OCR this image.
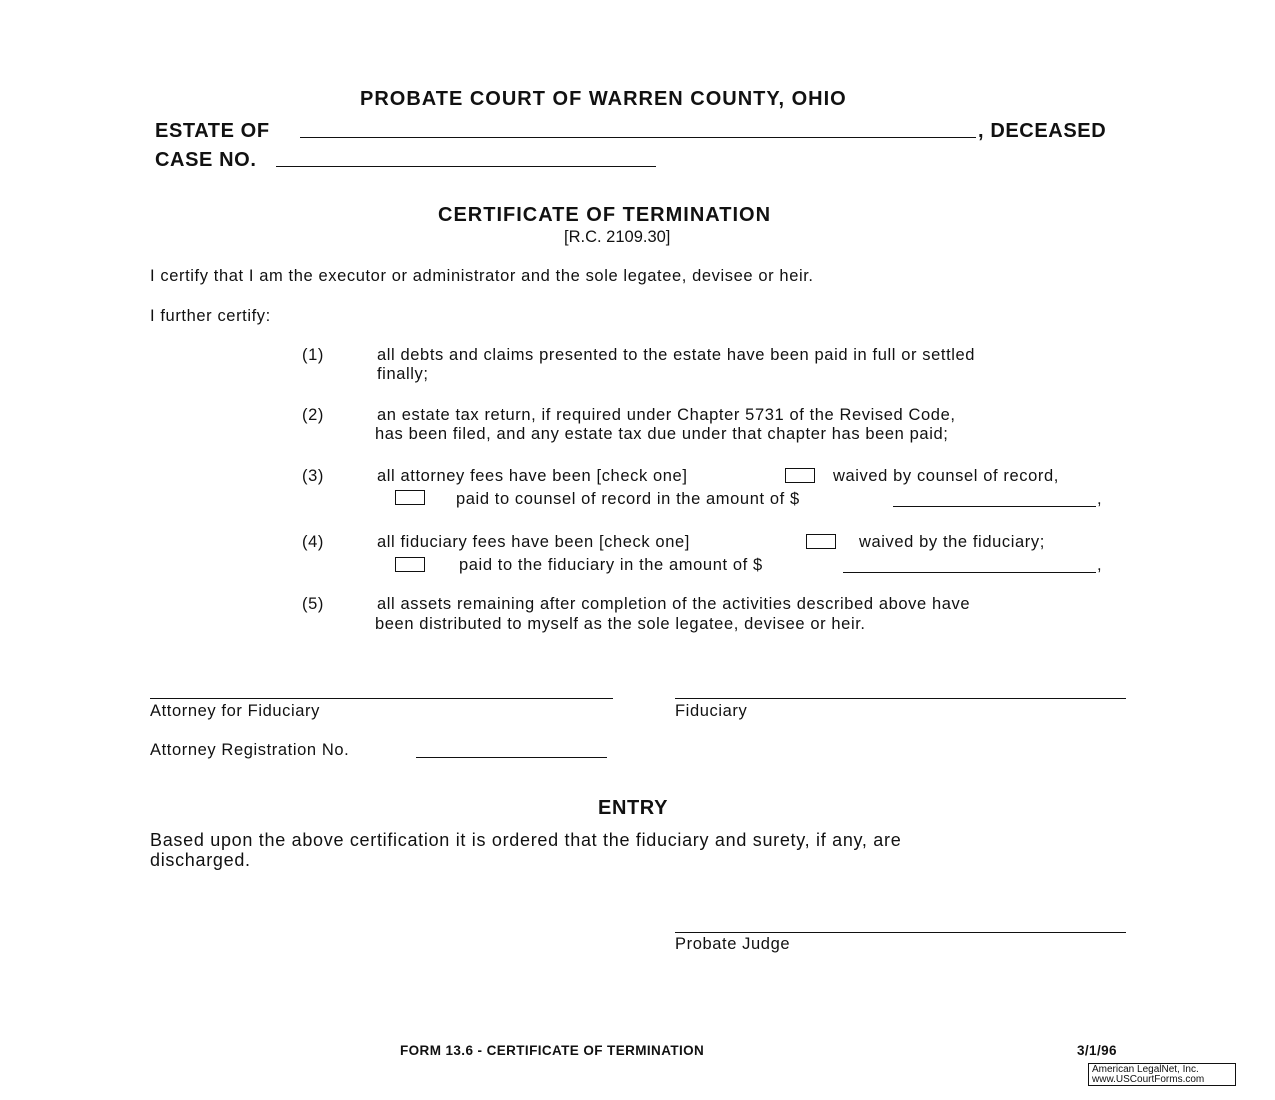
PROBATE COURT OF WARREN COUNTY, OHIO
ESTATE OF	, DECEASED
CASE NO.
CERTIFICATE OF TERMINATION
[R.C. 2109.30]
I certify that I am the executor or administrator and the sole legatee, devisee or heir.
I further certify:
(1)	all debts and claims presented to the estate have been paid in full or settled
finally;
(2)	an estate tax return, if required under Chapter 5731 of the Revised Code,
has been filed, and any estate tax due under that chapter has been paid;
(3)	all attorney fees have been [check one]	waived by counsel of record,
paid to counsel of record in the amount of $	,
(4)	all fiduciary fees have been [check one]	waived by the fiduciary;
paid to the fiduciary in the amount of $	,
(5)	all assets remaining after completion of the activities described above have
been distributed to myself as the sole legatee, devisee or heir.
Attorney for Fiduciary	Fiduciary
Attorney Registration No.
ENTRY
Based upon the above certification it is ordered that the fiduciary and surety, if any, are
discharged.
Probate Judge
FORM 13.6 - CERTIFICATE OF TERMINATION	3/1/96
American LegalNet, Inc.
www.USCourtForms.com
